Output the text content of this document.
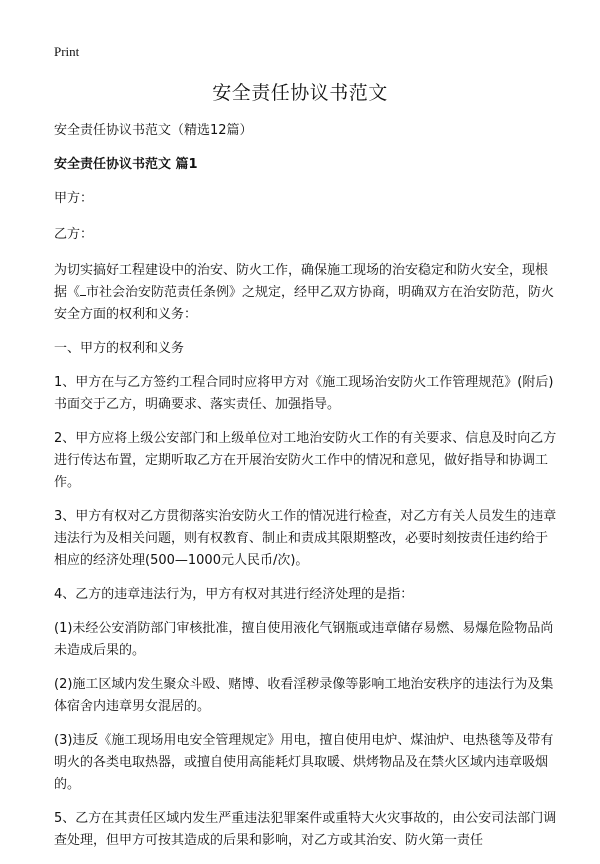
Print
安全责任协议书范文

安全责任协议书范文（精选12篇）

安全责任协议书范文 篇1

甲方：

乙方：

为切实搞好工程建设中的治安、防火工作，确保施工现场的治安稳定和防火安全，现根据《 市社会治安防范责任条例》之规定，经甲乙双方协商，明确双方在治安防范，防火安全方面的权利和义务：

一、甲方的权利和义务

1、甲方在与乙方签约工程合同时应将甲方对《施工现场治安防火工作管理规范》(附后)书面交于乙方，明确要求、落实责任、加强指导。

2、甲方应将上级公安部门和上级单位对工地治安防火工作的有关要求、信息及时向乙方进行传达布置，定期听取乙方在开展治安防火工作中的情况和意见，做好指导和协调工作。

3、甲方有权对乙方贯彻落实治安防火工作的情况进行检查，对乙方有关人员发生的违章违法行为及相关问题，则有权教育、制止和责成其限期整改，必要时刻按责任违约给于相应的经济处理(500—1000元人民币/次)。

4、乙方的违章违法行为，甲方有权对其进行经济处理的是指：

(1)未经公安消防部门审核批准，擅自使用液化气钢瓶或违章储存易燃、易爆危险物品尚未造成后果的。

(2)施工区域内发生聚众斗殴、赌博、收看淫秽录像等影响工地治安秩序的违法行为及集体宿舍内违章男女混居的。

(3)违反《施工现场用电安全管理规定》用电，擅自使用电炉、煤油炉、电热毯等及带有明火的各类电取热器，或擅自使用高能耗灯具取暖、烘烤物品及在禁火区域内违章吸烟的。

5、乙方在其责任区域内发生严重违法犯罪案件或重特大火灾事故的，由公安司法部门调查处理，但甲方可按其造成的后果和影响，对乙方或其治安、防火第一责任
